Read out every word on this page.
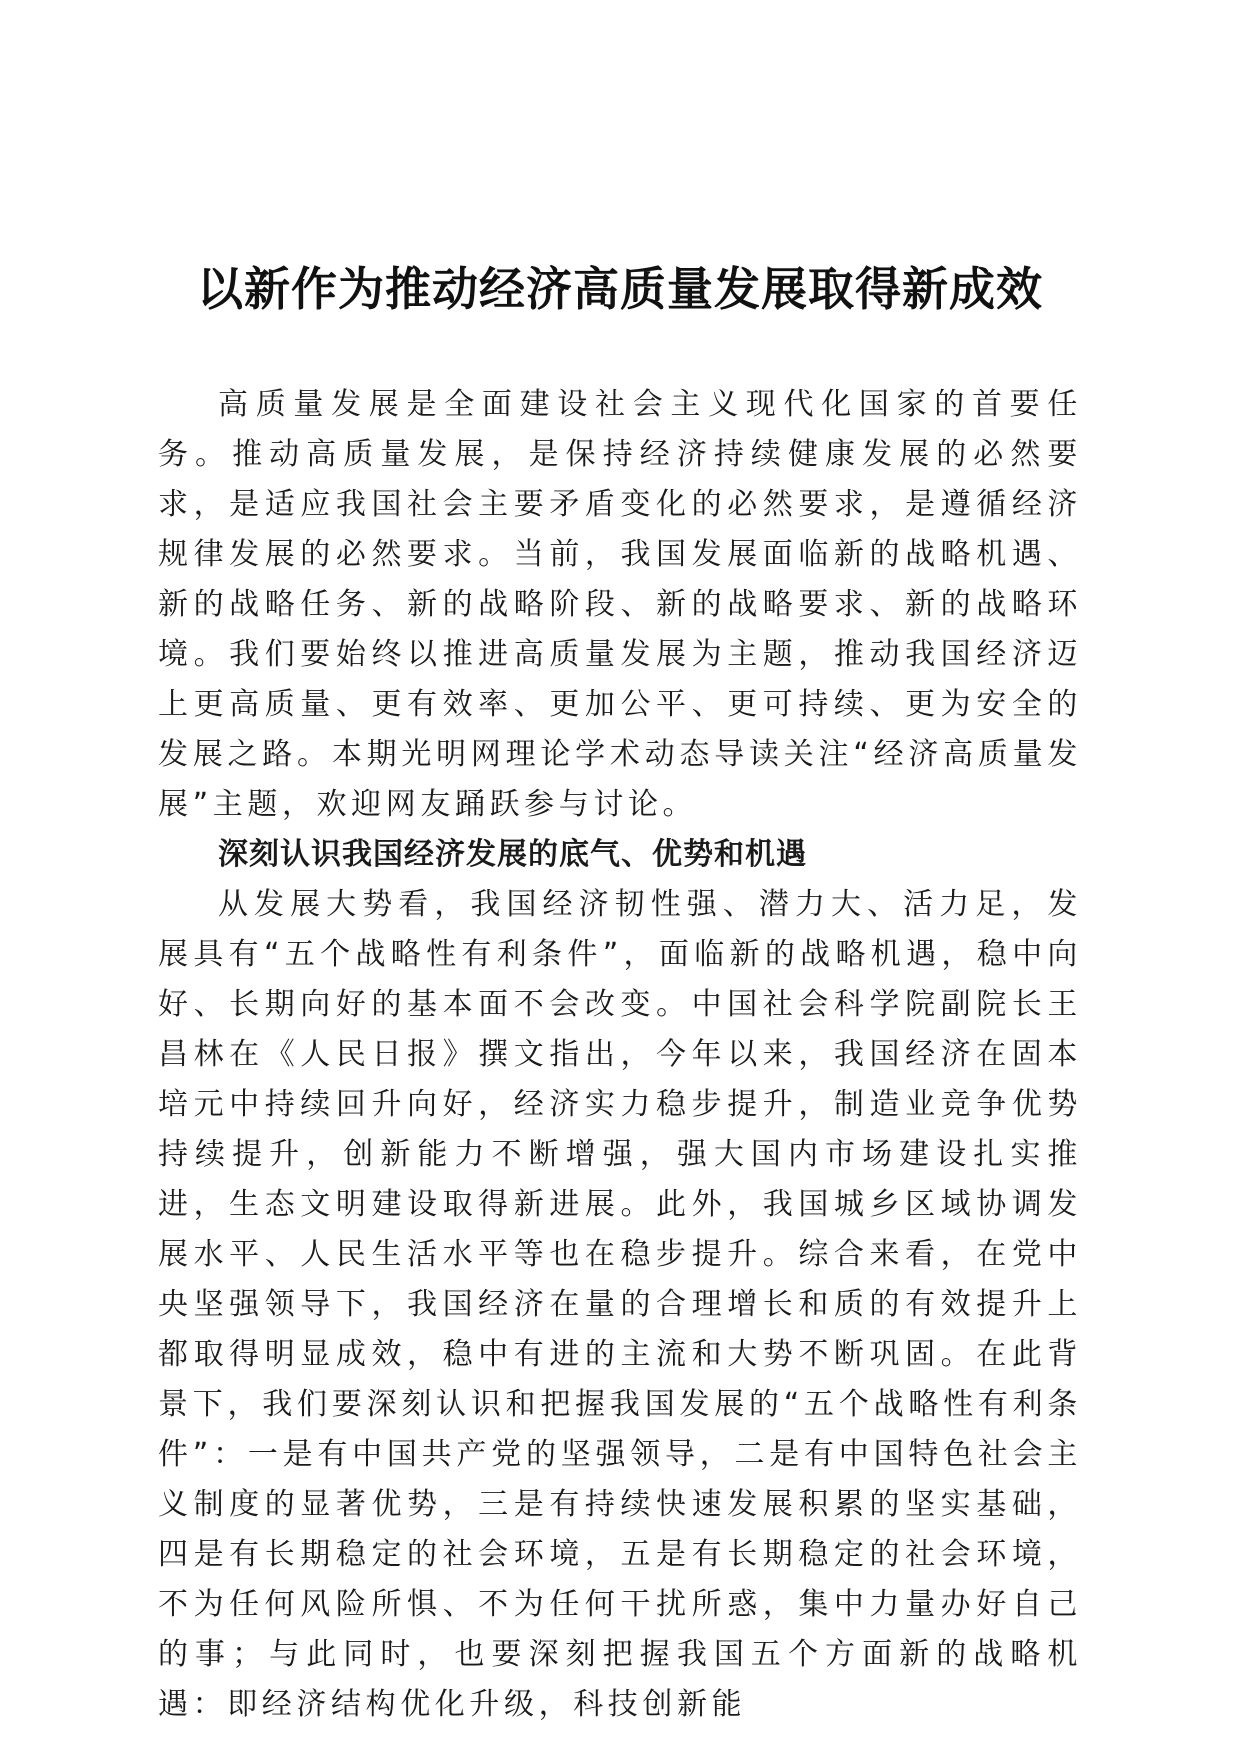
以新作为推动经济高质量发展取得新成效

高质量发展是全面建设社会主义现代化国家的首要任务。推动高质量发展，是保持经济持续健康发展的必然要求，是适应我国社会主要矛盾变化的必然要求，是遵循经济规律发展的必然要求。当前，我国发展面临新的战略机遇、新的战略任务、新的战略阶段、新的战略要求、新的战略环境。我们要始终以推进高质量发展为主题，推动我国经济迈上更高质量、更有效率、更加公平、更可持续、更为安全的发展之路。本期光明网理论学术动态导读关注“经济高质量发展”主题，欢迎网友踊跃参与讨论。

深刻认识我国经济发展的底气、优势和机遇

从发展大势看，我国经济韧性强、潜力大、活力足，发展具有“五个战略性有利条件”，面临新的战略机遇，稳中向好、长期向好的基本面不会改变。中国社会科学院副院长王昌林在《人民日报》撰文指出，今年以来，我国经济在固本培元中持续回升向好，经济实力稳步提升，制造业竞争优势持续提升，创新能力不断增强，强大国内市场建设扎实推进，生态文明建设取得新进展。此外，我国城乡区域协调发展水平、人民生活水平等也在稳步提升。综合来看，在党中央坚强领导下，我国经济在量的合理增长和质的有效提升上都取得明显成效，稳中有进的主流和大势不断巩固。在此背景下，我们要深刻认识和把握我国发展的“五个战略性有利条件”：一是有中国共产党的坚强领导，二是有中国特色社会主义制度的显著优势，三是有持续快速发展积累的坚实基础，四是有长期稳定的社会环境，五是有长期稳定的社会环境，不为任何风险所惧、不为任何干扰所惑，集中力量办好自己的事；与此同时，也要深刻把握我国五个方面新的战略机遇：即经济结构优化升级，科技创新能
